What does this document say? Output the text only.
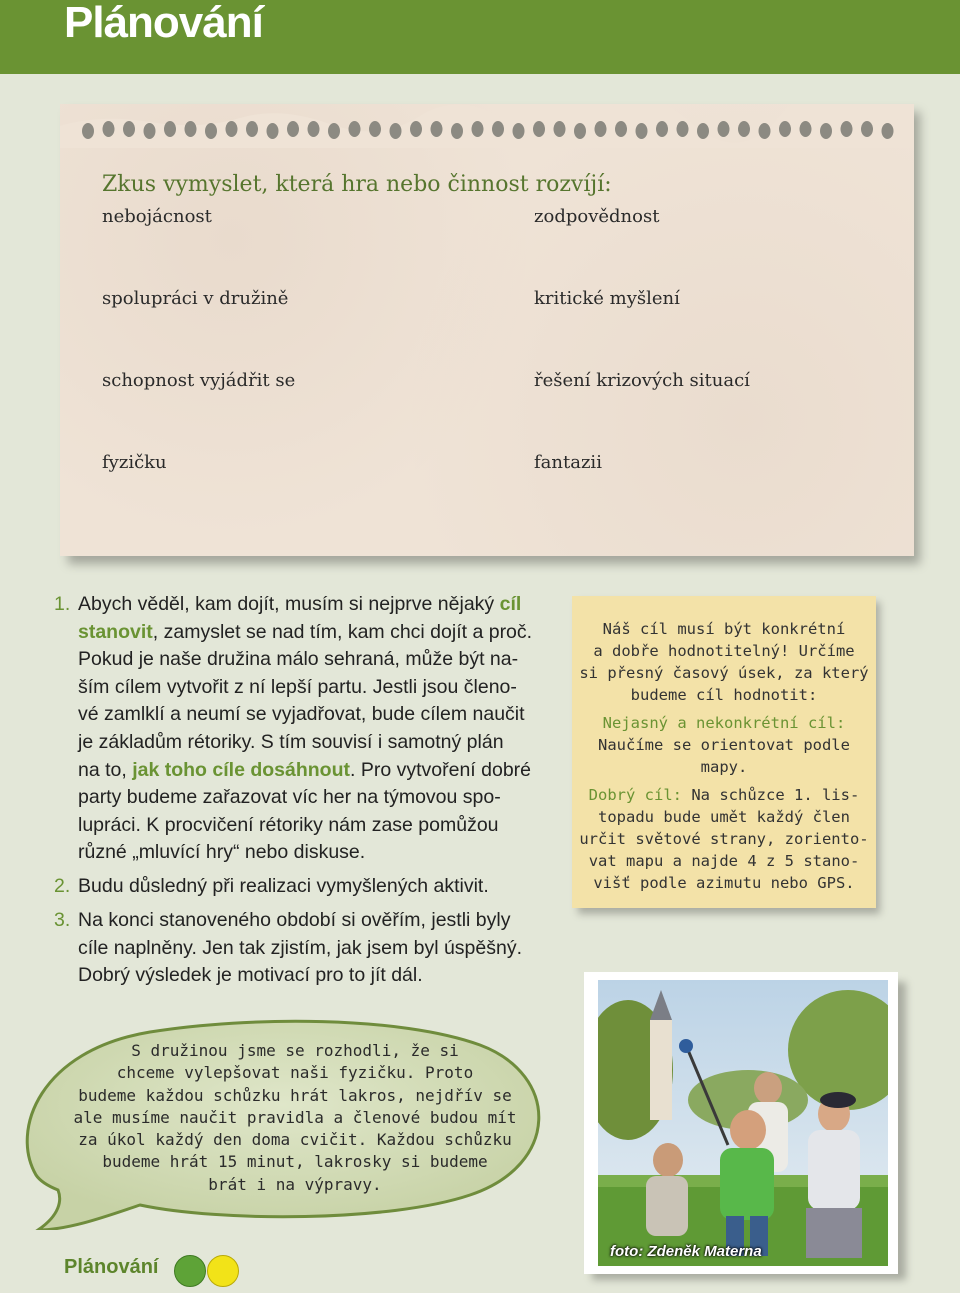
Plánování

Zkus vymyslet, která hra nebo činnost rozvíjí:

nebojácnost	zodpovědnost
spolupráci v družině	kritické myšlení
schopnost vyjádřit se	řešení krizových situací
fyzičku	fantazii
1. Abych věděl, kam dojít, musím si nejprve nějaký cíl
stanovit, zamyslet se nad tím, kam chci dojít a proč.
Pokud je naše družina málo sehraná, může být na-
ším cílem vytvořit z ní lepší partu. Jestli jsou členo-
vé zamlklí a neumí se vyjadřovat, bude cílem naučit
je základům rétoriky. S tím souvisí i samotný plán
na to, jak toho cíle dosáhnout. Pro vytvoření dobré
party budeme zařazovat víc her na týmovou spo-
lupráci. K procvičení rétoriky nám zase pomůžou
různé „mluvící hry“ nebo diskuse.
2. Budu důsledný při realizaci vymyšlených aktivit.
3. Na konci stanoveného období si ověřím, jestli byly
cíle naplněny. Jen tak zjistím, jak jsem byl úspěšný.
Dobrý výsledek je motivací pro to jít dál.
Náš cíl musí být konkrétní
a dobře hodnotitelný! Určíme
si přesný časový úsek, za který
budeme cíl hodnotit:
Nejasný a nekonkrétní cíl:
Naučíme se orientovat podle
mapy.
Dobrý cíl: Na schůzce 1. lis-
topadu bude umět každý člen
určit světové strany, zoriento-
vat mapu a najde 4 z 5 stano-
višť podle azimutu nebo GPS.
S družinou jsme se rozhodli, že si
chceme vylepšovat naši fyzičku. Proto
budeme každou schůzku hrát lakros, nejdřív se
ale musíme naučit pravidla a členové budou mít
za úkol každý den doma cvičit. Každou schůzku
budeme hrát 15 minut, lakrosky si budeme
brát i na výpravy.
foto: Zdeněk Materna
Plánování
